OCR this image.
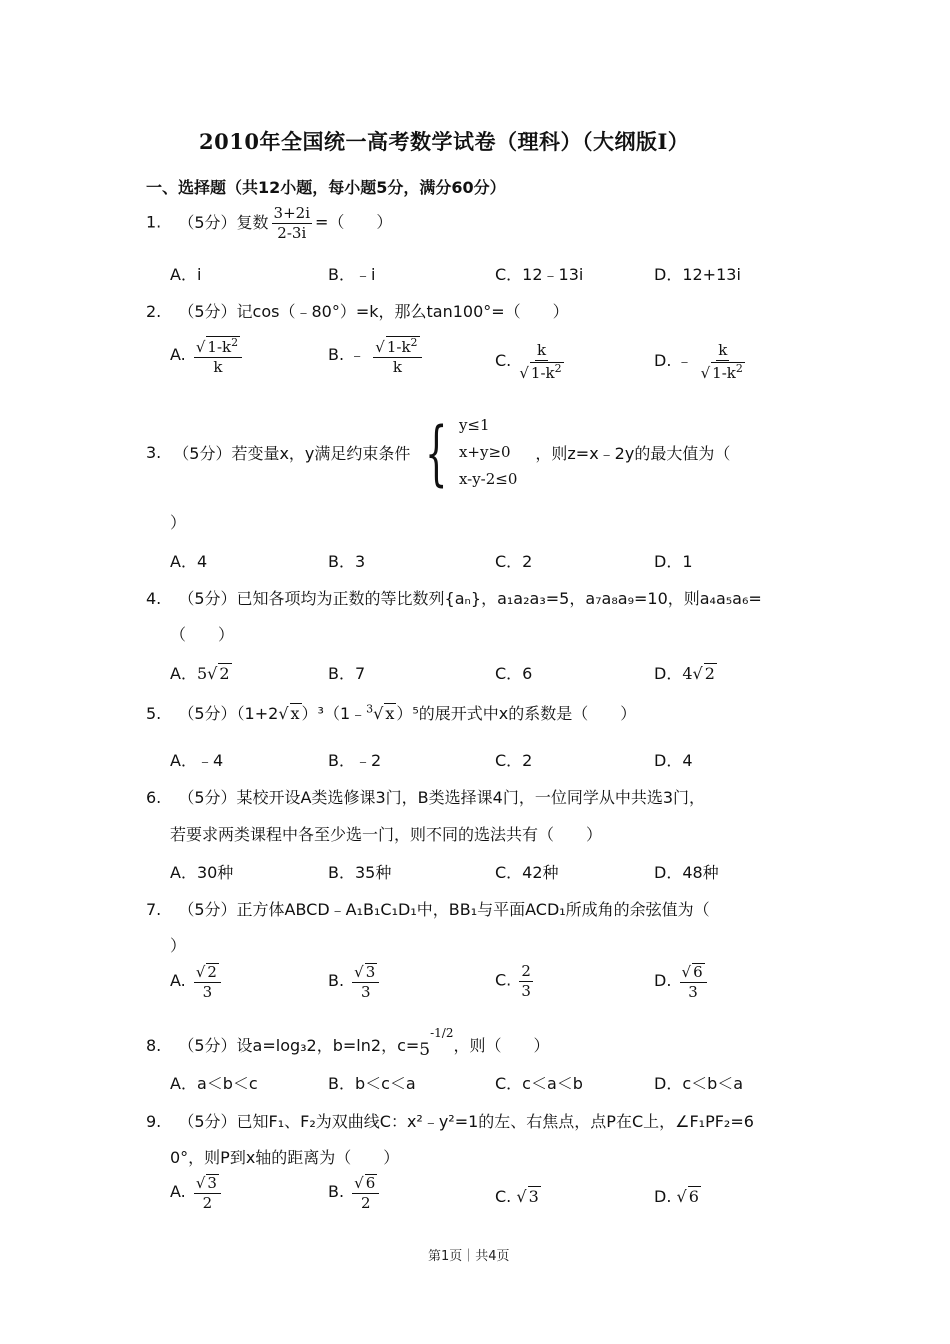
2010年全国统一高考数学试卷（理科）（大纲版Ⅰ）
一、选择题（共12小题，每小题5分，满分60分）
1. （5分）复数 $\frac{3+2i}{2-3i}$ =（　　）
A．i	B．﹣i	C．12﹣13i	D．12+13i
2. （5分）记cos（﹣80°）=k，那么tan100°=（　　）
A. $\frac{√ 1-k^2}{k}$	B. ﹣ $\frac{√ 1-k^2}{k}$	C. $\frac{k}{√ 1-k^2}$	D. ﹣ $\frac{k}{√ 1-k^2}$
3. （5分）若变量x，y满足约束条件 { y≤1
x+y≥0
x-y-2≤0
，则z=x﹣2y的最大值为（
）
A．4	B．3	C．2	D．1
4. （5分）已知各项均为正数的等比数列{aₙ}，a₁a₂a₃=5，a₇a₈a₉=10，则a₄a₅a₆=
（　　）
A．5√ 2	B．7	C．6	D．4√ 2
5. （5分）（1+2√ x ）³（1﹣$^3$√ x ）⁵的展开式中x的系数是（　　）
A．﹣4	B．﹣2	C．2	D．4
6. （5分）某校开设A类选修课3门，B类选择课4门，一位同学从中共选3门，
若要求两类课程中各至少选一门，则不同的选法共有（　　）
A．30种	B．35种	C．42种	D．48种
7. （5分）正方体ABCD﹣A₁B₁C₁D₁中，BB₁与平面ACD₁所成角的余弦值为（
）
A. $\frac{√ 2}{3}$	B. $\frac{√ 3}{3}$	C. $\frac{2}{3}$	D. $\frac{√ 6}{3}$
8. （5分）设a=log₃2，b=ln2，$c=5^{-1/2}$，则（　　）
A．a＜b＜c	B．b＜c＜a	C．c＜a＜b	D．c＜b＜a
9. （5分）已知F₁、F₂为双曲线C：x²﹣y²=1的左、右焦点，点P在C上，∠F₁PF₂=6
0°，则P到x轴的距离为（　　）
A. $\frac{√ 3}{2}$	B. $\frac{√ 6}{2}$	C. √ 3	D. √ 6
第1页｜共4页
